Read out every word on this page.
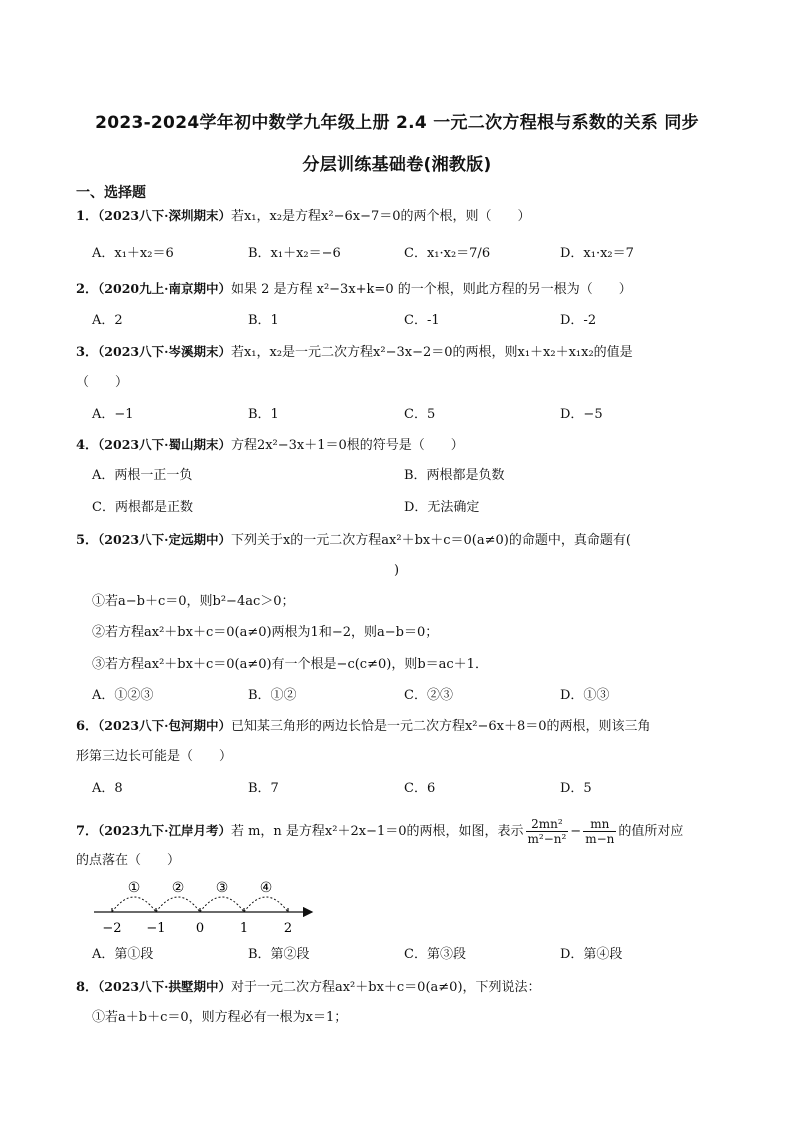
2023-2024学年初中数学九年级上册 2.4 一元二次方程根与系数的关系 同步
分层训练基础卷(湘教版)
一、选择题
1．（2023八下·深圳期末）若x₁，x₂是方程x²−6x−7＝0的两个根，则（　　）
A．x₁＋x₂＝6	B．x₁＋x₂＝−6	C．x₁·x₂＝7/6	D．x₁·x₂＝7
2．（2020九上·南京期中）如果 2 是方程 x²−3x+k=0 的一个根，则此方程的另一根为（　　）
A．2	B．1	C．-1	D．-2
3．（2023八下·岑溪期末）若x₁，x₂是一元二次方程x²−3x−2＝0的两根，则x₁＋x₂＋x₁x₂的值是
（　　）
A．−1	B．1	C．5	D．−5
4．（2023八下·蜀山期末）方程2x²−3x＋1＝0根的符号是（　　）
A．两根一正一负	B．两根都是负数
C．两根都是正数	D．无法确定
5．（2023八下·定远期中）下列关于x的一元二次方程ax²＋bx＋c＝0(a≠0)的命题中，真命题有(
)
①若a−b＋c＝0，则b²−4ac＞0；
②若方程ax²＋bx＋c＝0(a≠0)两根为1和−2，则a−b＝0；
③若方程ax²＋bx＋c＝0(a≠0)有一个根是−c(c≠0)，则b＝ac＋1．
A．①②③	B．①②	C．②③	D．①③
6．（2023八下·包河期中）已知某三角形的两边长恰是一元二次方程x²−6x＋8＝0的两根，则该三角
形第三边长可能是（　　）
A．8	B．7	C．6	D．5
7．（2023九下·江岸月考）若 m，n 是方程x²＋2x−1＝0的两根，如图，表示 $\frac{\text{2mn²}}{\text{m²−n²}} - \frac{mn}{m-n}$ 的值所对应
的点落在（　　）
−2 −1 0	1	2
① ② ③ ④
A．第①段	B．第②段	C．第③段	D．第④段
8．（2023八下·拱墅期中）对于一元二次方程ax²＋bx＋c＝0(a≠0)，下列说法：
①若a＋b＋c＝0，则方程必有一根为x＝1；
